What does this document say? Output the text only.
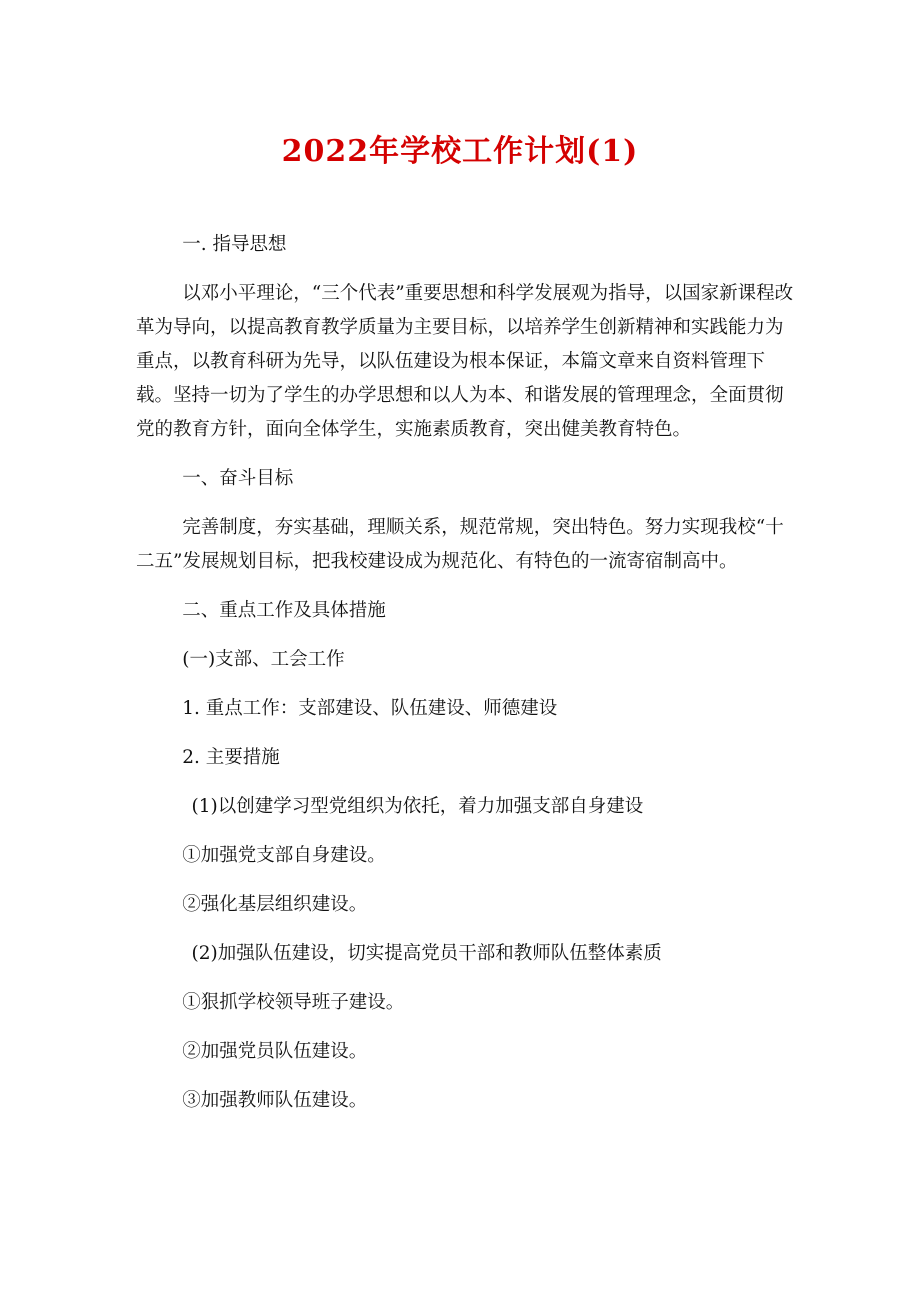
2022年学校工作计划(1)

一. 指导思想

以邓小平理论，“三个代表”重要思想和科学发展观为指导，以国家新课程改革为导向，以提高教育教学质量为主要目标，以培养学生创新精神和实践能力为重点，以教育科研为先导，以队伍建设为根本保证，本篇文章来自资料管理下载。坚持一切为了学生的办学思想和以人为本、和谐发展的管理理念，全面贯彻党的教育方针，面向全体学生，实施素质教育，突出健美教育特色。

一、奋斗目标

完善制度，夯实基础，理顺关系，规范常规，突出特色。努力实现我校“十二五”发展规划目标，把我校建设成为规范化、有特色的一流寄宿制高中。

二、重点工作及具体措施

(一)支部、工会工作

1. 重点工作：支部建设、队伍建设、师德建设

2. 主要措施

(1)以创建学习型党组织为依托，着力加强支部自身建设

①加强党支部自身建设。

②强化基层组织建设。

(2)加强队伍建设，切实提高党员干部和教师队伍整体素质

①狠抓学校领导班子建设。

②加强党员队伍建设。

③加强教师队伍建设。
